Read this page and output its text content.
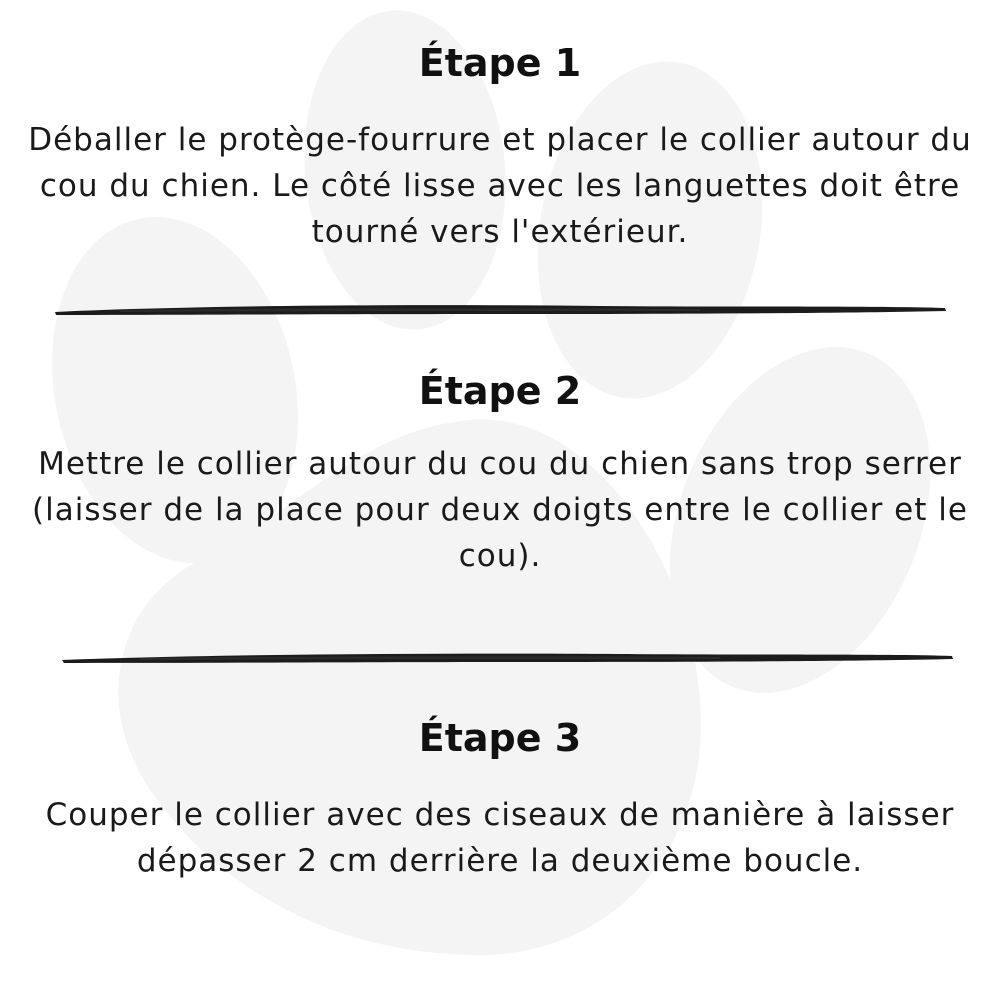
Étape 1

Déballer le protège-fourrure et placer le collier autour du cou du chien. Le côté lisse avec les languettes doit être tourné vers l'extérieur.

Étape 2

Mettre le collier autour du cou du chien sans trop serrer (laisser de la place pour deux doigts entre le collier et le cou).

Étape 3

Couper le collier avec des ciseaux de manière à laisser dépasser 2 cm derrière la deuxième boucle.
